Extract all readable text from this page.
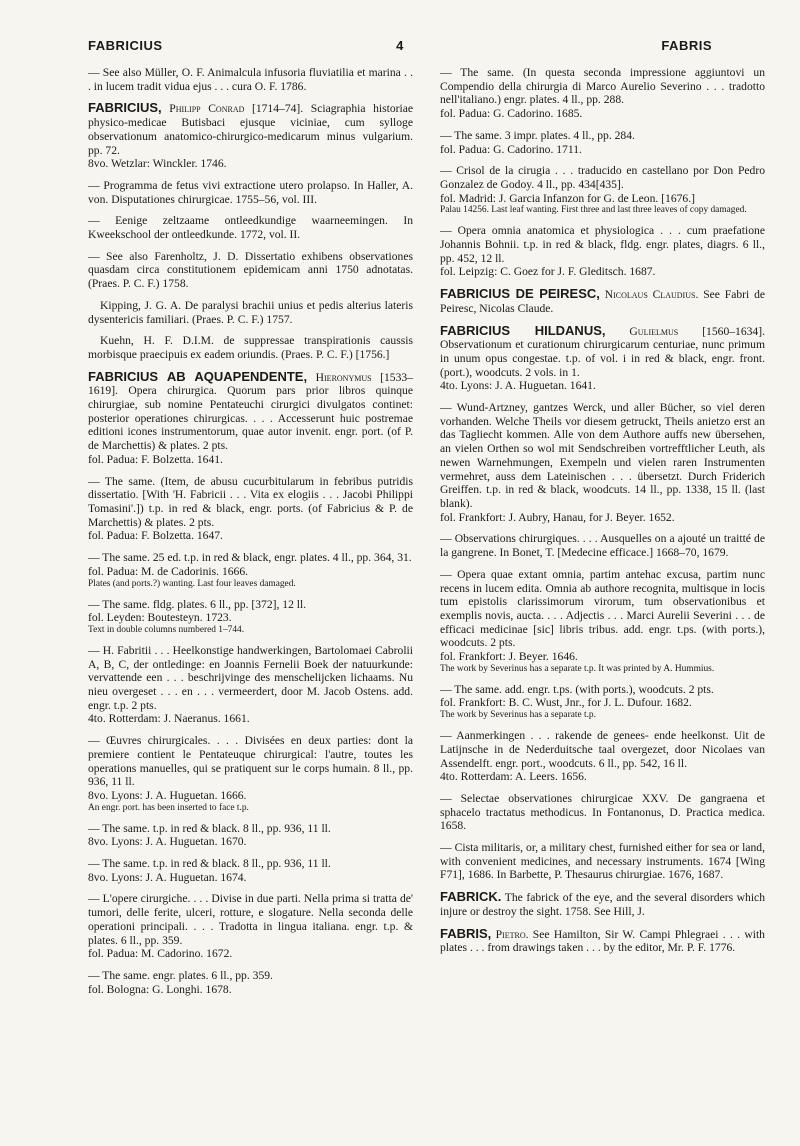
FABRICIUS	4	FABRIS

— See also Müller, O. F. Animalcula infusoria fluviatilia et marina . . . in lucem tradit vidua ejus . . . cura O. F. 1786.

FABRICIUS, Philipp Conrad [1714–74]. Sciagraphia historiae physico-medicae Butisbaci ejusque viciniae, cum sylloge observationum anatomico-chirurgico-medicarum minus vulgarium. pp. 72.

8vo. Wetzlar: Winckler. 1746.

— Programma de fetus vivi extractione utero prolapso. In Haller, A. von. Disputationes chirurgicae. 1755–56, vol. III.

— Eenige zeltzaame ontleedkundige waarneemingen. In Kweekschool der ontleedkunde. 1772, vol. II.

— See also Farenholtz, J. D. Dissertatio exhibens observationes quasdam circa constitutionem epidemicam anni 1750 adnotatas. (Praes. P. C. F.) 1758.

Kipping, J. G. A. De paralysi brachii unius et pedis alterius lateris dysentericis familiari. (Praes. P. C. F.) 1757.

Kuehn, H. F. D.I.M. de suppressae transpirationis caussis morbisque praecipuis ex eadem oriundis. (Praes. P. C. F.) [1756.]

FABRICIUS AB AQUAPENDENTE, Hieronymus [1533–1619]. Opera chirurgica. Quorum pars prior libros quinque chirurgiae, sub nomine Pentateuchi cirurgici divulgatos continet: posterior operationes chirurgicas. . . . Accesserunt huic postremae editioni icones instrumentorum, quae autor invenit. engr. port. (of P. de Marchettis) & plates. 2 pts.

fol. Padua: F. Bolzetta. 1641.

— The same. (Item, de abusu cucurbitularum in febribus putridis dissertatio. [With 'H. Fabricii . . . Vita ex elogiis . . . Jacobi Philippi Tomasini'.]) t.p. in red & black, engr. ports. (of Fabricius & P. de Marchettis) & plates. 2 pts.

fol. Padua: F. Bolzetta. 1647.

— The same. 25 ed. t.p. in red & black, engr. plates. 4 ll., pp. 364, 31.

fol. Padua: M. de Cadorinis. 1666.

Plates (and ports.?) wanting. Last four leaves damaged.

— The same. fldg. plates. 6 ll., pp. [372], 12 ll.

fol. Leyden: Boutesteyn. 1723.

Text in double columns numbered 1–744.

— H. Fabritii . . . Heelkonstige handwerkingen, Bartolomaei Cabrolii A, B, C, der ontledinge: en Joannis Fernelii Boek der natuurkunde: vervattende een . . . beschrijvinge des menschelijcken lichaams. Nu nieu overgeset . . . en . . . vermeerdert, door M. Jacob Ostens. add. engr. t.p. 2 pts.

4to. Rotterdam: J. Naeranus. 1661.

— Œuvres chirurgicales. . . . Divisées en deux parties: dont la premiere contient le Pentateuque chirurgical: l'autre, toutes les operations manuelles, qui se pratiquent sur le corps humain. 8 ll., pp. 936, 11 ll.

8vo. Lyons: J. A. Huguetan. 1666.

An engr. port. has been inserted to face t.p.

— The same. t.p. in red & black. 8 ll., pp. 936, 11 ll.

8vo. Lyons: J. A. Huguetan. 1670.

— The same. t.p. in red & black. 8 ll., pp. 936, 11 ll.

8vo. Lyons: J. A. Huguetan. 1674.

— L'opere cirurgiche. . . . Divise in due parti. Nella prima si tratta de' tumori, delle ferite, ulceri, rotture, e slogature. Nella seconda delle operationi principali. . . . Tradotta in lingua italiana. engr. t.p. & plates. 6 ll., pp. 359.

fol. Padua: M. Cadorino. 1672.

— The same. engr. plates. 6 ll., pp. 359.

fol. Bologna: G. Longhi. 1678.

— The same. (In questa seconda impressione aggiuntovi un Compendio della chirurgia di Marco Aurelio Severino . . . tradotto nell'italiano.) engr. plates. 4 ll., pp. 288.

fol. Padua: G. Cadorino. 1685.

— The same. 3 impr. plates. 4 ll., pp. 284.

fol. Padua: G. Cadorino. 1711.

— Crisol de la cirugia . . . traducido en castellano por Don Pedro Gonzalez de Godoy. 4 ll., pp. 434[435].

fol. Madrid: J. Garcia Infanzon for G. de Leon. [1676.]

Palau 14256. Last leaf wanting. First three and last three leaves of copy damaged.

— Opera omnia anatomica et physiologica . . . cum praefatione Johannis Bohnii. t.p. in red & black, fldg. engr. plates, diagrs. 6 ll., pp. 452, 12 ll.

fol. Leipzig: C. Goez for J. F. Gleditsch. 1687.

FABRICIUS DE PEIRESC, Nicolaus Claudius. See Fabri de Peiresc, Nicolas Claude.

FABRICIUS HILDANUS, Gulielmus [1560–1634]. Observationum et curationum chirurgicarum centuriae, nunc primum in unum opus congestae. t.p. of vol. i in red & black, engr. front. (port.), woodcuts. 2 vols. in 1.

4to. Lyons: J. A. Huguetan. 1641.

— Wund-Artzney, gantzes Werck, und aller Bücher, so viel deren vorhanden. Welche Theils vor diesem getruckt, Theils anietzo erst an das Tagliecht kommen. Alle von dem Authore auffs new übersehen, an vielen Orthen so wol mit Sendschreiben vortrefftlicher Leuth, als newen Warnehmungen, Exempeln und vielen raren Instrumenten vermehret, auss dem Lateinischen . . . übersetzt. Durch Friderich Greiffen. t.p. in red & black, woodcuts. 14 ll., pp. 1338, 15 ll. (last blank).

fol. Frankfort: J. Aubry, Hanau, for J. Beyer. 1652.

— Observations chirurgiques. . . . Ausquelles on a ajouté un traitté de la gangrene. In Bonet, T. [Medecine efficace.] 1668–70, 1679.

— Opera quae extant omnia, partim antehac excusa, partim nunc recens in lucem edita. Omnia ab authore recognita, multisque in locis tum epistolis clarissimorum virorum, tum observationibus et exemplis novis, aucta. . . . Adjectis . . . Marci Aurelii Severini . . . de efficaci medicinae [sic] libris tribus. add. engr. t.ps. (with ports.), woodcuts. 2 pts.

fol. Frankfort: J. Beyer. 1646.

The work by Severinus has a separate t.p. It was printed by A. Hummius.

— The same. add. engr. t.ps. (with ports.), woodcuts. 2 pts.

fol. Frankfort: B. C. Wust, Jnr., for J. L. Dufour. 1682.

The work by Severinus has a separate t.p.

— Aanmerkingen . . . rakende de genees- ende heelkonst. Uit de Latijnsche in de Nederduitsche taal overgezet, door Nicolaes van Assendelft. engr. port., woodcuts. 6 ll., pp. 542, 16 ll.

4to. Rotterdam: A. Leers. 1656.

— Selectae observationes chirurgicae XXV. De gangraena et sphacelo tractatus methodicus. In Fontanonus, D. Practica medica. 1658.

— Cista militaris, or, a military chest, furnished either for sea or land, with convenient medicines, and necessary instruments. 1674 [Wing F71], 1686. In Barbette, P. Thesaurus chirurgiae. 1676, 1687.

FABRICK. The fabrick of the eye, and the several disorders which injure or destroy the sight. 1758. See Hill, J.

FABRIS, Pietro. See Hamilton, Sir W. Campi Phlegraei . . . with plates . . . from drawings taken . . . by the editor, Mr. P. F. 1776.
